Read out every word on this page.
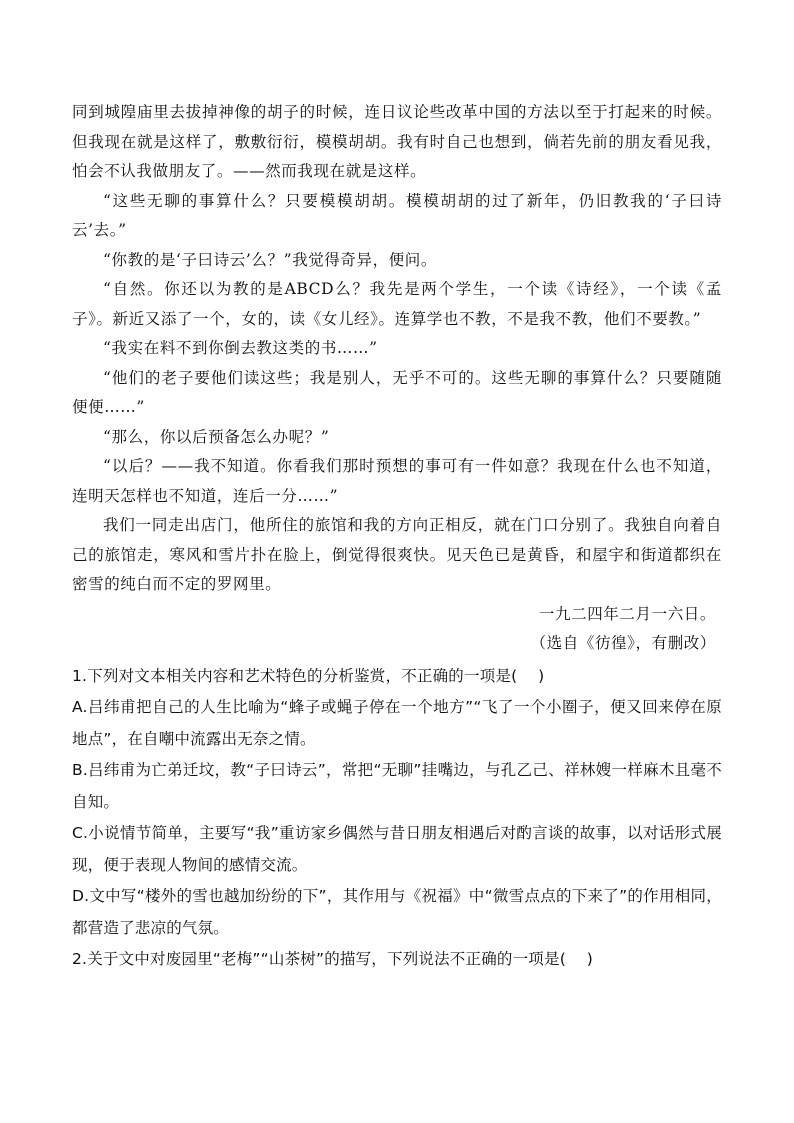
同到城隍庙里去拔掉神像的胡子的时候，连日议论些改革中国的方法以至于打起来的时候。但我现在就是这样了，敷敷衍衍，模模胡胡。我有时自己也想到，倘若先前的朋友看见我，怕会不认我做朋友了。——然而我现在就是这样。

“这些无聊的事算什么？只要模模胡胡。模模胡胡的过了新年，仍旧教我的‘子曰诗云’去。”

“你教的是‘子曰诗云’么？”我觉得奇异，便问。

“自然。你还以为教的是ABCD么？我先是两个学生，一个读《诗经》，一个读《孟子》。新近又添了一个，女的，读《女儿经》。连算学也不教，不是我不教，他们不要教。”

“我实在料不到你倒去教这类的书……”

“他们的老子要他们读这些；我是别人，无乎不可的。这些无聊的事算什么？只要随随便便……”

“那么，你以后预备怎么办呢？”

“以后？——我不知道。你看我们那时预想的事可有一件如意？我现在什么也不知道，连明天怎样也不知道，连后一分……”

我们一同走出店门，他所住的旅馆和我的方向正相反，就在门口分别了。我独自向着自己的旅馆走，寒风和雪片扑在脸上，倒觉得很爽快。见天色已是黄昏，和屋宇和街道都织在密雪的纯白而不定的罗网里。

一九二四年二月一六日。

（选自《彷徨》，有删改）

1.下列对文本相关内容和艺术特色的分析鉴赏，不正确的一项是(　 )

A.吕纬甫把自己的人生比喻为“蜂子或蝇子停在一个地方”“飞了一个小圈子，便又回来停在原地点”，在自嘲中流露出无奈之情。

B.吕纬甫为亡弟迁坟，教“子曰诗云”，常把“无聊”挂嘴边，与孔乙己、祥林嫂一样麻木且毫不自知。

C.小说情节简单，主要写“我”重访家乡偶然与昔日朋友相遇后对酌言谈的故事，以对话形式展现，便于表现人物间的感情交流。

D.文中写“楼外的雪也越加纷纷的下”，其作用与《祝福》中“微雪点点的下来了”的作用相同，都营造了悲凉的气氛。

2.关于文中对废园里“老梅”“山茶树”的描写，下列说法不正确的一项是(　 )
